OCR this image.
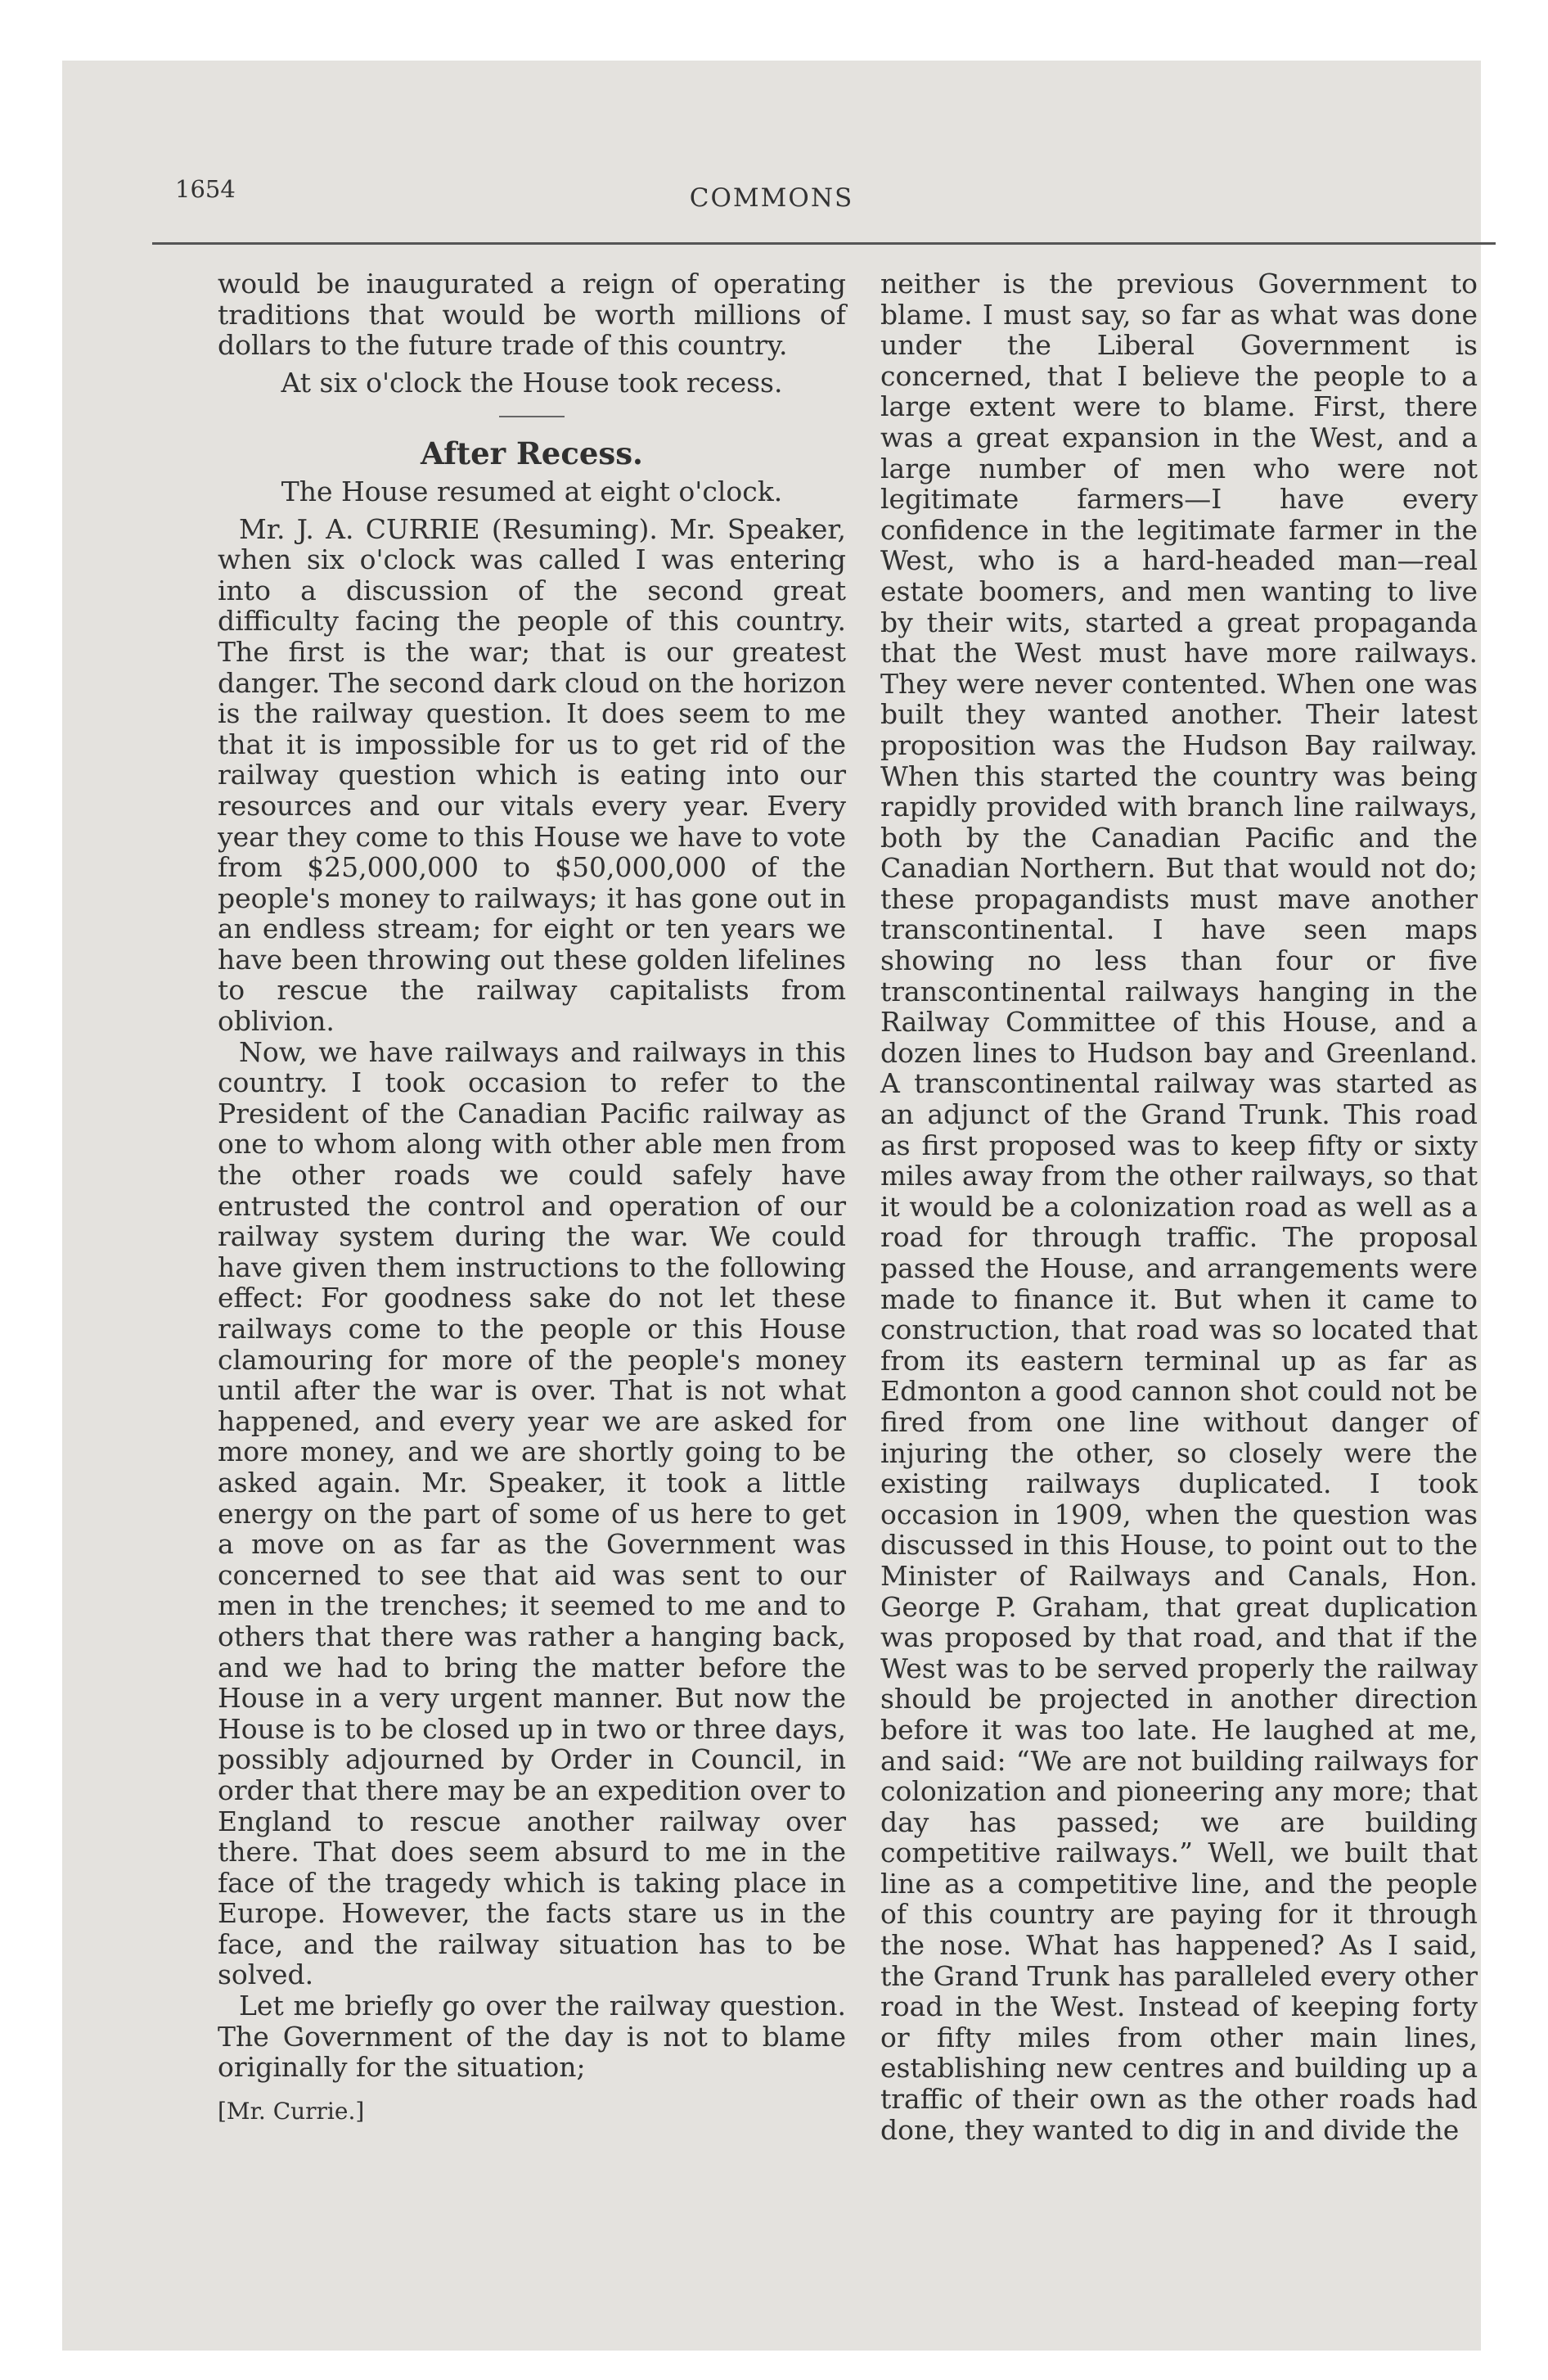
1654	COMMONS

would be inaugurated a reign of operating traditions that would be worth millions of dollars to the future trade of this country.

At six o'clock the House took recess.

After Recess.

The House resumed at eight o'clock.

Mr. J. A. CURRIE (Resuming). Mr. Speaker, when six o'clock was called I was entering into a discussion of the second great difficulty facing the people of this country. The first is the war; that is our greatest danger. The second dark cloud on the horizon is the railway question. It does seem to me that it is impossible for us to get rid of the railway question which is eating into our resources and our vitals every year. Every year they come to this House we have to vote from $25,000,000 to $50,000,000 of the people's money to railways; it has gone out in an endless stream; for eight or ten years we have been throwing out these golden lifelines to rescue the railway capitalists from oblivion.

Now, we have railways and railways in this country. I took occasion to refer to the President of the Canadian Pacific railway as one to whom along with other able men from the other roads we could safely have entrusted the control and operation of our railway system during the war. We could have given them instructions to the following effect: For goodness sake do not let these railways come to the people or this House clamouring for more of the people's money until after the war is over. That is not what happened, and every year we are asked for more money, and we are shortly going to be asked again. Mr. Speaker, it took a little energy on the part of some of us here to get a move on as far as the Government was concerned to see that aid was sent to our men in the trenches; it seemed to me and to others that there was rather a hanging back, and we had to bring the matter before the House in a very urgent manner. But now the House is to be closed up in two or three days, possibly adjourned by Order in Council, in order that there may be an expedition over to England to rescue another railway over there. That does seem absurd to me in the face of the tragedy which is taking place in Europe. However, the facts stare us in the face, and the railway situation has to be solved.

Let me briefly go over the railway question. The Government of the day is not to blame originally for the situation;

[Mr. Currie.]

neither is the previous Government to blame. I must say, so far as what was done under the Liberal Government is concerned, that I believe the people to a large extent were to blame. First, there was a great expansion in the West, and a large number of men who were not legitimate farmers—I have every confidence in the legitimate farmer in the West, who is a hard-headed man—real estate boomers, and men wanting to live by their wits, started a great propaganda that the West must have more railways. They were never contented. When one was built they wanted another. Their latest proposition was the Hudson Bay railway. When this started the country was being rapidly provided with branch line railways, both by the Canadian Pacific and the Canadian Northern. But that would not do; these propagandists must mave another transcontinental. I have seen maps showing no less than four or five transcontinental railways hanging in the Railway Committee of this House, and a dozen lines to Hudson bay and Greenland. A transcontinental railway was started as an adjunct of the Grand Trunk. This road as first proposed was to keep fifty or sixty miles away from the other railways, so that it would be a colonization road as well as a road for through traffic. The proposal passed the House, and arrangements were made to finance it. But when it came to construction, that road was so located that from its eastern terminal up as far as Edmonton a good cannon shot could not be fired from one line without danger of injuring the other, so closely were the existing railways duplicated. I took occasion in 1909, when the question was discussed in this House, to point out to the Minister of Railways and Canals, Hon. George P. Graham, that great duplication was proposed by that road, and that if the West was to be served properly the railway should be projected in another direction before it was too late. He laughed at me, and said: “We are not building railways for colonization and pioneering any more; that day has passed; we are building competitive railways.” Well, we built that line as a competitive line, and the people of this country are paying for it through the nose. What has happened? As I said, the Grand Trunk has paralleled every other road in the West. Instead of keeping forty or fifty miles from other main lines, establishing new centres and building up a traffic of their own as the other roads had done, they wanted to dig in and divide the
